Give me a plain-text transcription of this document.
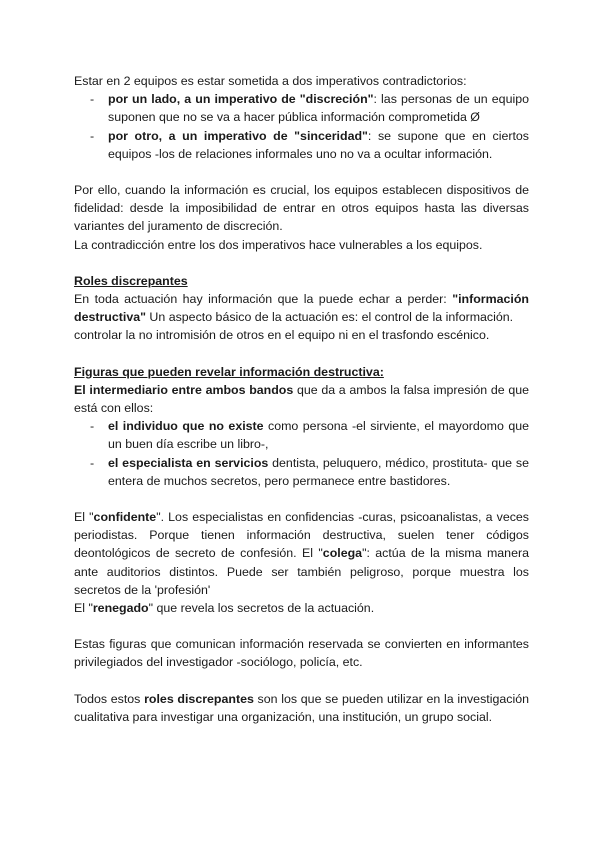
Estar en 2 equipos es estar sometida a dos imperativos contradictorios:

- por un lado, a un imperativo de "discreción": las personas de un equipo suponen que no se va a hacer pública información comprometida Ø
- por otro, a un imperativo de "sinceridad": se supone que en ciertos equipos -los de relaciones informales uno no va a ocultar información.

Por ello, cuando la información es crucial, los equipos establecen dispositivos de fidelidad: desde la imposibilidad de entrar en otros equipos hasta las diversas variantes del juramento de discreción.

La contradicción entre los dos imperativos hace vulnerables a los equipos.

Roles discrepantes

En toda actuación hay información que la puede echar a perder: "información destructiva" Un aspecto básico de la actuación es: el control de la información.

controlar la no intromisión de otros en el equipo ni en el trasfondo escénico.

Figuras que pueden revelar información destructiva:

El intermediario entre ambos bandos que da a ambos la falsa impresión de que está con ellos:

- el individuo que no existe como persona -el sirviente, el mayordomo que un buen día escribe un libro-,
- el especialista en servicios dentista, peluquero, médico, prostituta- que se entera de muchos secretos, pero permanece entre bastidores.

El "confidente". Los especialistas en confidencias -curas, psicoanalistas, a veces periodistas. Porque tienen información destructiva, suelen tener códigos deontológicos de secreto de confesión. El "colega": actúa de la misma manera ante auditorios distintos. Puede ser también peligroso, porque muestra los secretos de la 'profesión'

El "renegado" que revela los secretos de la actuación.

Estas figuras que comunican información reservada se convierten en informantes privilegiados del investigador -sociólogo, policía, etc.

Todos estos roles discrepantes son los que se pueden utilizar en la investigación cualitativa para investigar una organización, una institución, un grupo social.
